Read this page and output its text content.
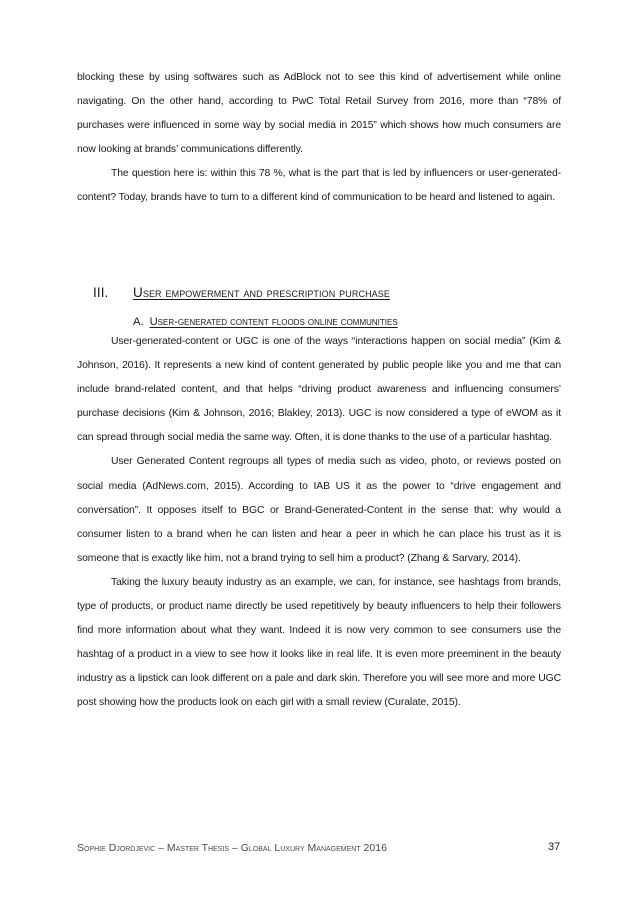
blocking these by using softwares such as AdBlock not to see this kind of advertisement while online navigating. On the other hand, according to PwC Total Retail Survey from 2016, more than “78% of purchases were influenced in some way by social media in 2015” which shows how much consumers are now looking at brands’ communications differently.

The question here is: within this 78 %, what is the part that is led by influencers or user-generated-content? Today, brands have to turn to a different kind of communication to be heard and listened to again.

III. User empowerment and prescription purchase
A. User-generated content floods online communities

User-generated-content or UGC is one of the ways “interactions happen on social media” (Kim & Johnson, 2016). It represents a new kind of content generated by public people like you and me that can include brand-related content, and that helps “driving product awareness and influencing consumers’ purchase decisions (Kim & Johnson, 2016; Blakley, 2013). UGC is now considered a type of eWOM as it can spread through social media the same way. Often, it is done thanks to the use of a particular hashtag.

User Generated Content regroups all types of media such as video, photo, or reviews posted on social media (AdNews.com, 2015). According to IAB US it as the power to “drive engagement and conversation”. It opposes itself to BGC or Brand-Generated-Content in the sense that: why would a consumer listen to a brand when he can listen and hear a peer in which he can place his trust as it is someone that is exactly like him, not a brand trying to sell him a product? (Zhang & Sarvary, 2014).

Taking the luxury beauty industry as an example, we can, for instance, see hashtags from brands, type of products, or product name directly be used repetitively by beauty influencers to help their followers find more information about what they want. Indeed it is now very common to see consumers use the hashtag of a product in a view to see how it looks like in real life. It is even more preeminent in the beauty industry as a lipstick can look different on a pale and dark skin. Therefore you will see more and more UGC post showing how the products look on each girl with a small review (Curalate, 2015).

Sophie Djordjevic – Master Thesis – Global Luxury Management 2016	37
